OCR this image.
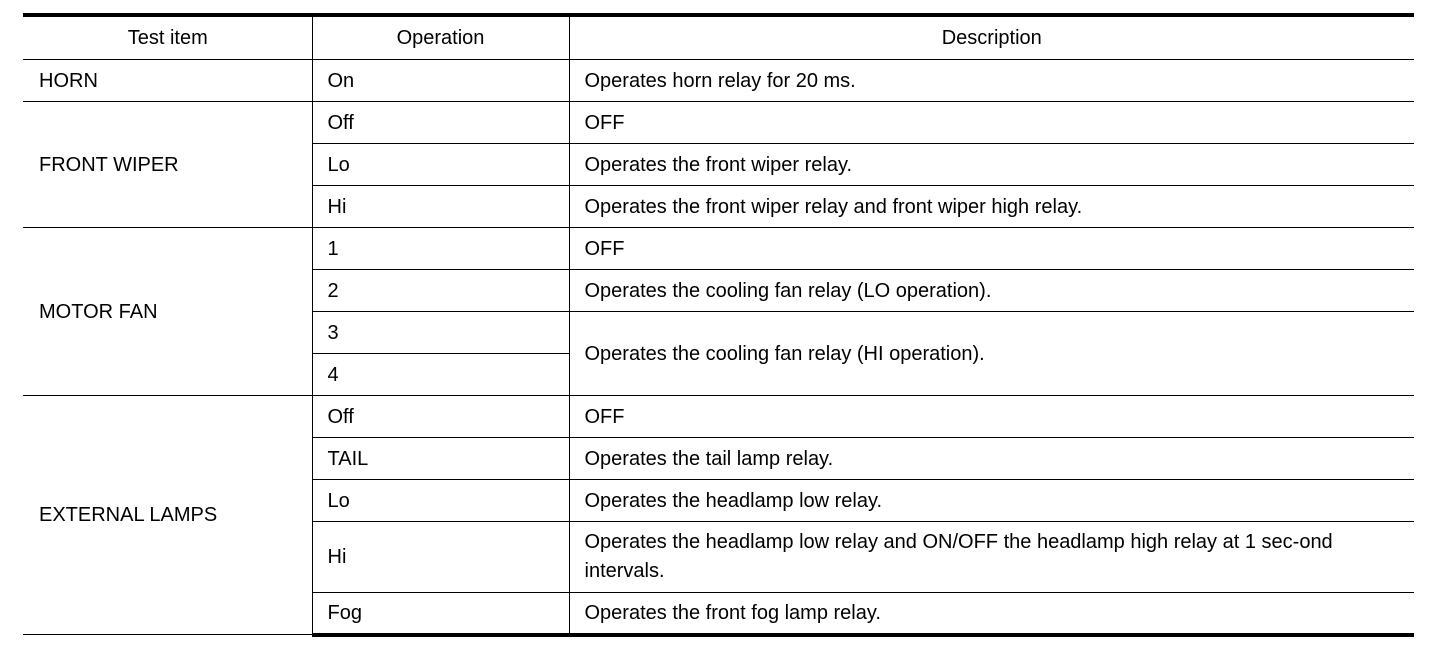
Test item	Operation	Description
HORN	On	Operates horn relay for 20 ms.
FRONT WIPER	Off	OFF
	Lo	Operates the front wiper relay.
	Hi	Operates the front wiper relay and front wiper high relay.
MOTOR FAN	1	OFF
	2	Operates the cooling fan relay (LO operation).
	3	Operates the cooling fan relay (HI operation).
	4	
EXTERNAL LAMPS	Off	OFF
	TAIL	Operates the tail lamp relay.
	Lo	Operates the headlamp low relay.
	Hi	Operates the headlamp low relay and ON/OFF the headlamp high relay at 1 sec-ond intervals.
	Fog	Operates the front fog lamp relay.
